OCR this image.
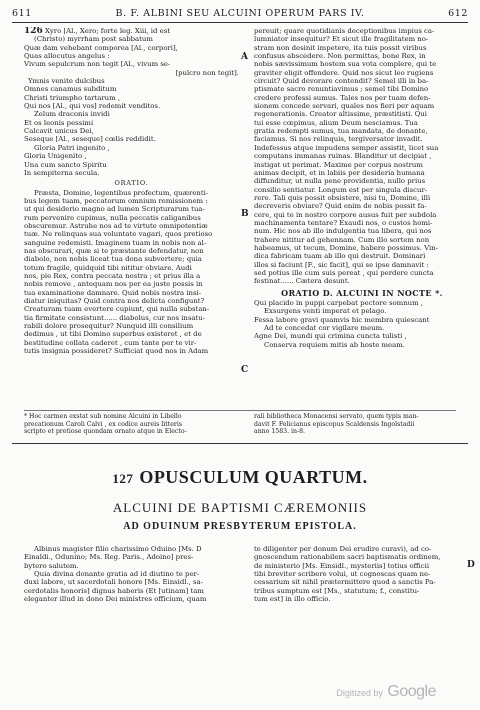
611	B. F. ALBINI SEU ALCUINI OPERUM PARS IV.	612
126 Xyro [Al., Xero; forte leg. Xiii, id est
(Christo) myrrham post sabbatum
Quæ dam vehebant comporea [Al., corpori],
Quas allocutus angelus :
Vivum sepulcrum non tegit [Al., vivum se-
[pulcro non tegit].
Ymnis venite dulcibus
Omnes canamus subditum
Christi triumpho tartarum ,
Qui nos [Al., qui vos] redemit venditos.
Zelum draconis invidi
Et os leonis pessimi
Calcavit unicus Dei,
Seseque [Al., seseque] cœlis reddidit.
Gloria Patri ingenito ,
Gloria Unigenito ,
Una cum sancto Spiritu
In sempiterna secula.
ORATIO.
Præsta, Domine, legentibus profectum, quærenti-
bus legem tuam, peccatorum omnium remissionem :
ut qui desiderio magno ad lumen Scripturarum tua-
rum pervenire cupimus, nulla peccatis caliganibus
obscuremur. Astruhe nos ad te virtute omnipotentiæ
tuæ. Ne relinquas sua voluntate vagari, quos pretioso
sanguine redemisti. Imaginem tuam in nobis non al-
nas obscurari, quæ si te præstante defendatur, non
diabolo, non nobis liceat tua dona subvertere; quia
totum fragile, quidquid tibi nititur obviare. Audi
nos, pie Rex, contra peccata nostra ; et prius illa a
nobis remove , antequam nos per ea juste possis in
tua examinatione damnare. Quid nobis nostra insi-
diatur iniquitas? Quid contra nos delicta configunt?
Creaturam tuam evertere cupiunt, qui nulla substan-
tia firmitate consistunt...... diabolus, cur nos insatu-
rabili dolore prosequitur? Nunquid illi consilium
dedimus , ut tibi Domino superbus existeret , et de
bestitudine collata caderet , cum tante per te vir-
tutis insignia possideret? Sufficiat quod nos in Adam
A
B
C
D
pereuit; quare quotidianis deceptionibus impius ca-
lumniator insequitur? Et sicut ille fragilitatem no-
stram non desinit impetere, ita tuis possit viribus
confusus abscedere. Non permittas, bone Rex, in
nobis sævissimum hostem sua vota complere, qui te
graviter eligit offendere. Quid nos sicut leo rugiens
circuit? Quid devorare contendit? Semel illi in ba-
ptismate sacro renuntiavimus ; semel tibi Domino
credere professi sumus. Tales nos per tuam defen-
sionem concede servari, quales nos fieri per aquam
regenerationis. Creator altissime, præstitisti. Qui
tui esse cœpimus, alium Deum nesciamus. Tua
gratia redempti sumus, tua mandata, de donante,
faciamus. Si nos relinquis, tergiversator invadit.
Indefessus atque impudens semper assistit, licet sua
computans immanas ruinas. Blanditur ut decipiat ,
instigat ut perimat. Maxime per corpus nostrum
animas decipit, et in labiis per desideria humana
diffunditur, ut nulla pene providentia, nullo prius
consilio sentiatur. Longum est per singula discur-
rere. Tali quis possit obsistere, nisi tu, Domine, illi
decreveris obviare? Quid enim de nobis possit fa-
cere, qui te in nostro corpore ausus fuit per subdola
machinamenta tentare? Exaudi nos, o custos homi-
num. Hic nos ab illo indulgentia tua libera, qui nos
trahere nititur ad gehennam. Cum illo sortem non
habeamus, ut tecum, Domine, habere possimus. Vin-
dica fabricam tuam ab illo qui destruit. Dominari
illos si faciunt [F., sic facit], qui se ipse damnavit :
sed potius ille cum suis pereat , qui perdere cuncta
festinat...... Cætera desunt.
ORATIO D. ALCUINI IN NOCTE *.
Qui placido in puppi carpebat pectore somnum ,
Exsurgens venti imperat et pelago.
Fessa labore gravi quamvis hic membra quiescant
Ad te concedat cor vigilare meum.
Agne Dei, mundi qui crimina cuncta tulisti ,
Conserva requiem mitis ab hoste meam.
* Hoc carmen exstat sub nomine Alcuini in Libello
precationum Caroli Calvi , ex codice aureis litteris
scripto et pretiose quondam ornato atque in Electo-
rali bibliotheca Monacensi servato, quem typis man-
davit F. Felicianus episcopus Scaldensis Ingolstadii
anno 1583. in-8.
127 OPUSCULUM QUARTUM.
ALCUINI DE BAPTISMI CÆREMONIIS
AD ODUINUM PRESBYTERUM EPISTOLA.
Albinus magister filio charissimo Oduino [Ms. D
Einaldi., Odunino; Ms. Reg. Paris., Adoino] pres-
bytero salutem.
Quia divina donante gratia ad id diutino te per-
duxi labore, ut sacerdotali honore [Ms. Einsidl., sa-
cerdotalis honoris] dignus haberis (Et [utinam] tam
eleganter illud in dono Dei ministres officium, quam
te diligenter per donum Dei erudire curavi), ad co-
gnoscendum rationabilem sacri baptismatis ordinem,
de ministerio [Ms. Einsidl., mysteriis] totius officii
tibi breviter scribere volui, ut cognoscas quam ne-
cessarium sit nihil prætermittere quod a sanctis Pa-
tribus sumptum est [Ms., statutum; f., constitu-
tum est] in illo officio.
Digitized by Google
